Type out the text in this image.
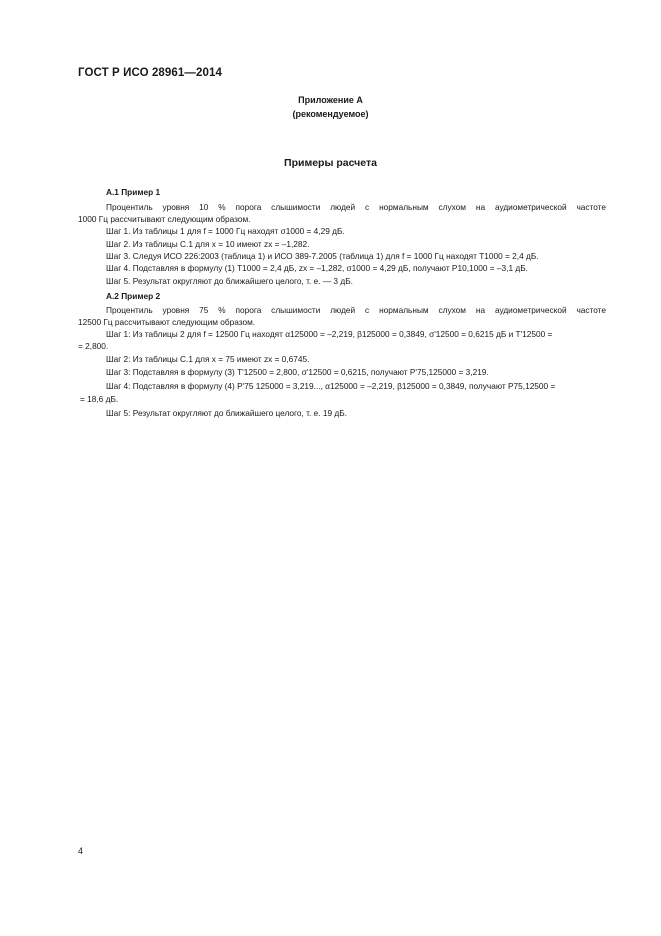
ГОСТ Р ИСО 28961—2014
Приложение А
(рекомендуемое)
Примеры расчета
А.1 Пример 1
Процентиль уровня 10 % порога слышимости людей с нормальным слухом на аудиометрической частоте
1000 Гц рассчитывают следующим образом.
Шаг 1. Из таблицы 1 для f = 1000 Гц находят σ1000 = 4,29 дБ.
Шаг 2. Из таблицы С.1 для x = 10 имеют zx = –1,282.
Шаг 3. Следуя ИСО 226:2003 (таблица 1) и ИСО 389-7.2005 (таблица 1) для f = 1000 Гц находят T1000 = 2,4 дБ.
Шаг 4. Подставляя в формулу (1) T1000 = 2,4 дБ, zx = –1,282, σ1000 = 4,29 дБ, получают P10,1000 = –3,1 дБ.
Шаг 5. Результат округляют до ближайшего целого, т. е. — 3 дБ.
А.2 Пример 2
Процентиль уровня 75 % порога слышимости людей с нормальным слухом на аудиометрической частоте
12500 Гц рассчитывают следующим образом.
Шаг 1: Из таблицы 2 для f = 12500 Гц находят α125000 = –2,219, β125000 = 0,3849, σ'12500 = 0,6215 дБ и T'12500 =
= 2,800.
Шаг 2: Из таблицы С.1 для x = 75 имеют zx = 0,6745.
Шаг 3: Подставляя в формулу (3) T'12500 = 2,800, σ'12500 = 0,6215, получают P'75,125000 = 3,219.
Шаг 4: Подставляя в формулу (4) P'75 125000 = 3,219..., α125000 = –2,219, β125000 = 0,3849, получают P75,12500 =
= 18,6 дБ.
Шаг 5: Результат округляют до ближайшего целого, т. е. 19 дБ.
4
